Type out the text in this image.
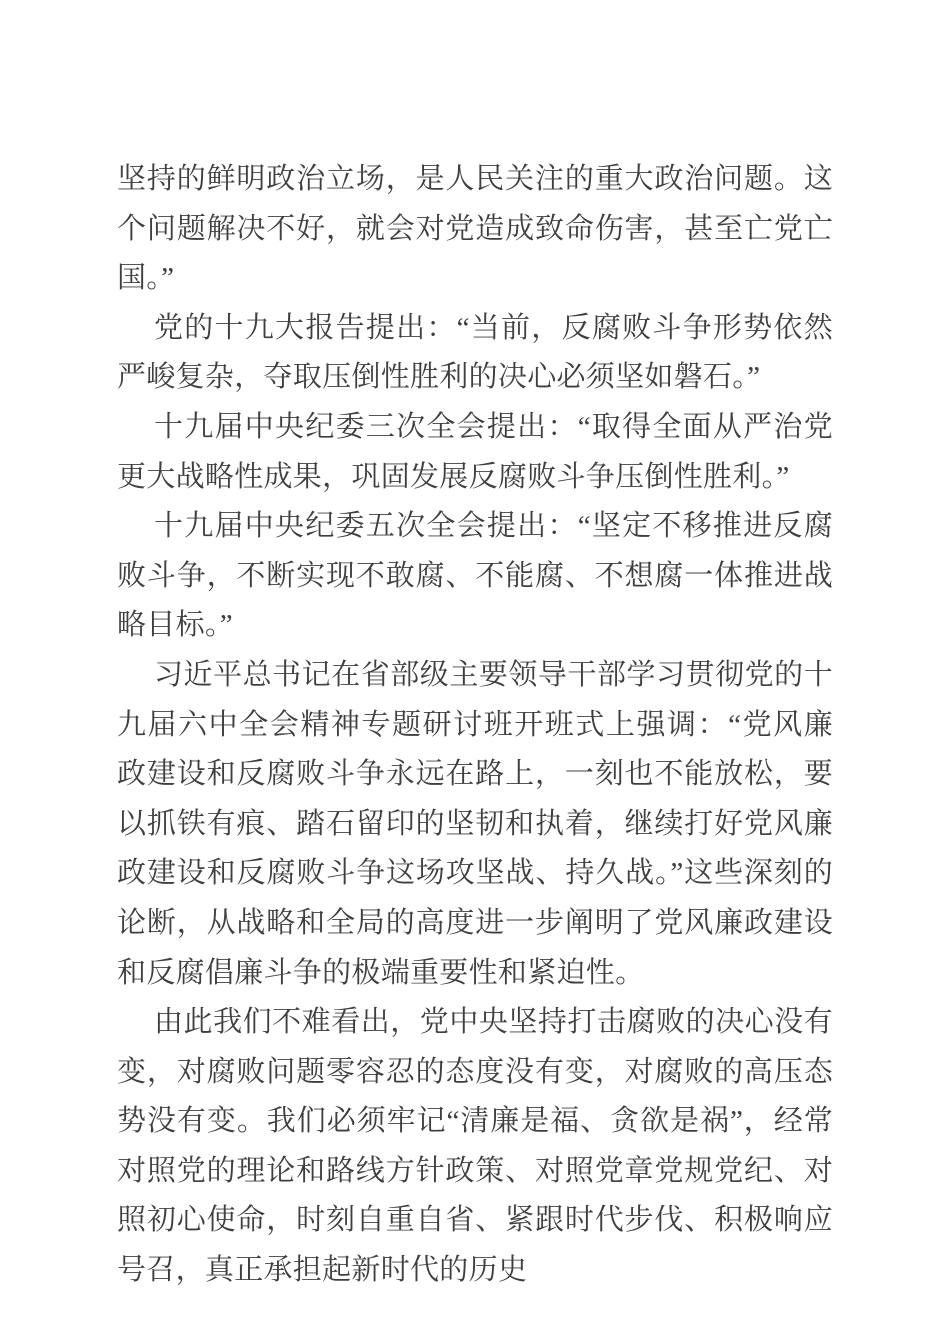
坚持的鲜明政治立场，是人民关注的重大政治问题。这个问题解决不好，就会对党造成致命伤害，甚至亡党亡国。”

党的十九大报告提出：“当前，反腐败斗争形势依然严峻复杂，夺取压倒性胜利的决心必须坚如磐石。”

十九届中央纪委三次全会提出：“取得全面从严治党更大战略性成果，巩固发展反腐败斗争压倒性胜利。”

十九届中央纪委五次全会提出：“坚定不移推进反腐败斗争，不断实现不敢腐、不能腐、不想腐一体推进战略目标。”

习近平总书记在省部级主要领导干部学习贯彻党的十九届六中全会精神专题研讨班开班式上强调：“党风廉政建设和反腐败斗争永远在路上，一刻也不能放松，要以抓铁有痕、踏石留印的坚韧和执着，继续打好党风廉政建设和反腐败斗争这场攻坚战、持久战。”这些深刻的论断，从战略和全局的高度进一步阐明了党风廉政建设和反腐倡廉斗争的极端重要性和紧迫性。

由此我们不难看出，党中央坚持打击腐败的决心没有变，对腐败问题零容忍的态度没有变，对腐败的高压态势没有变。我们必须牢记“清廉是福、贪欲是祸”，经常对照党的理论和路线方针政策、对照党章党规党纪、对照初心使命，时刻自重自省、紧跟时代步伐、积极响应号召，真正承担起新时代的历史
